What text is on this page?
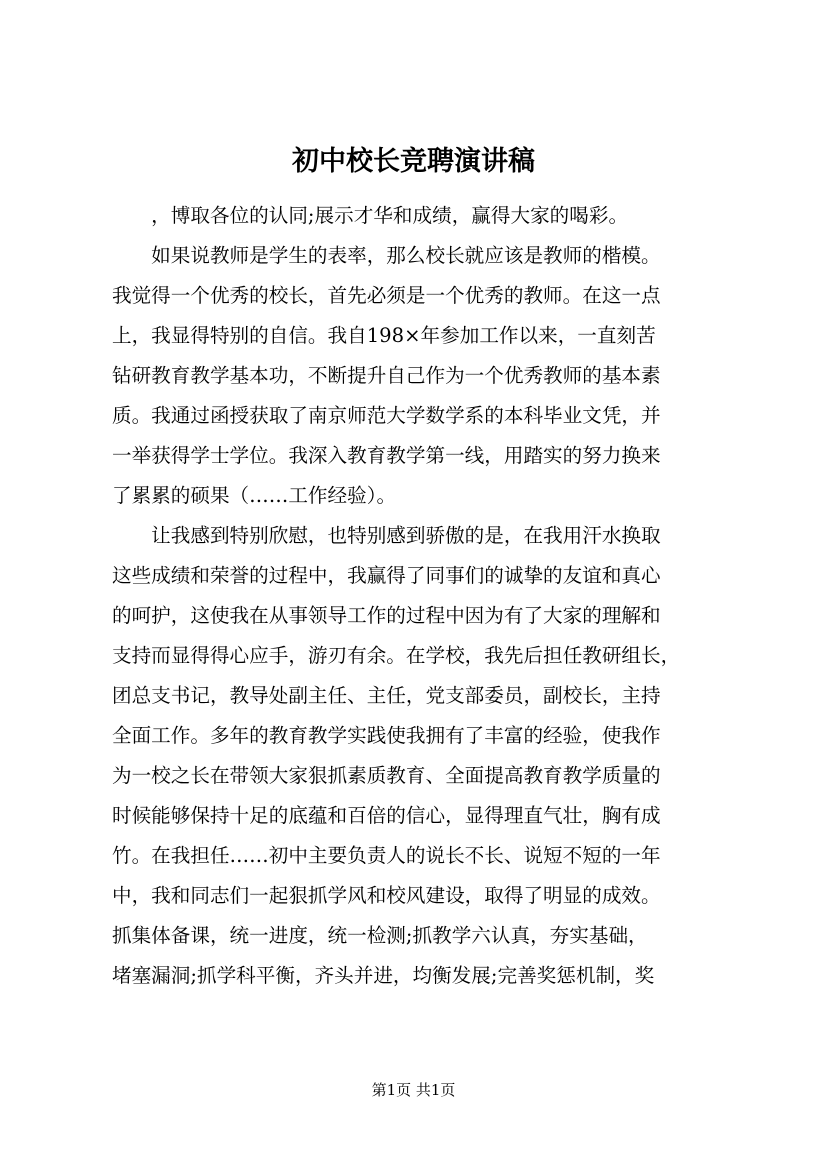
初中校长竞聘演讲稿
　　，博取各位的认同;展示才华和成绩，赢得大家的喝彩。
　　如果说教师是学生的表率，那么校长就应该是教师的楷模。
我觉得一个优秀的校长，首先必须是一个优秀的教师。在这一点
上，我显得特别的自信。我自198×年参加工作以来，一直刻苦
钻研教育教学基本功，不断提升自己作为一个优秀教师的基本素
质。我通过函授获取了南京师范大学数学系的本科毕业文凭，并
一举获得学士学位。我深入教育教学第一线，用踏实的努力换来
了累累的硕果（……工作经验）。
　　让我感到特别欣慰，也特别感到骄傲的是，在我用汗水换取
这些成绩和荣誉的过程中，我赢得了同事们的诚挚的友谊和真心
的呵护，这使我在从事领导工作的过程中因为有了大家的理解和
支持而显得得心应手，游刃有余。在学校，我先后担任教研组长，
团总支书记，教导处副主任、主任，党支部委员，副校长，主持
全面工作。多年的教育教学实践使我拥有了丰富的经验，使我作
为一校之长在带领大家狠抓素质教育、全面提高教育教学质量的
时候能够保持十足的底蕴和百倍的信心，显得理直气壮，胸有成
竹。在我担任……初中主要负责人的说长不长、说短不短的一年
中，我和同志们一起狠抓学风和校风建设，取得了明显的成效。
抓集体备课，统一进度，统一检测;抓教学六认真，夯实基础，
堵塞漏洞;抓学科平衡，齐头并进，均衡发展;完善奖惩机制，奖
第1页 共1页
